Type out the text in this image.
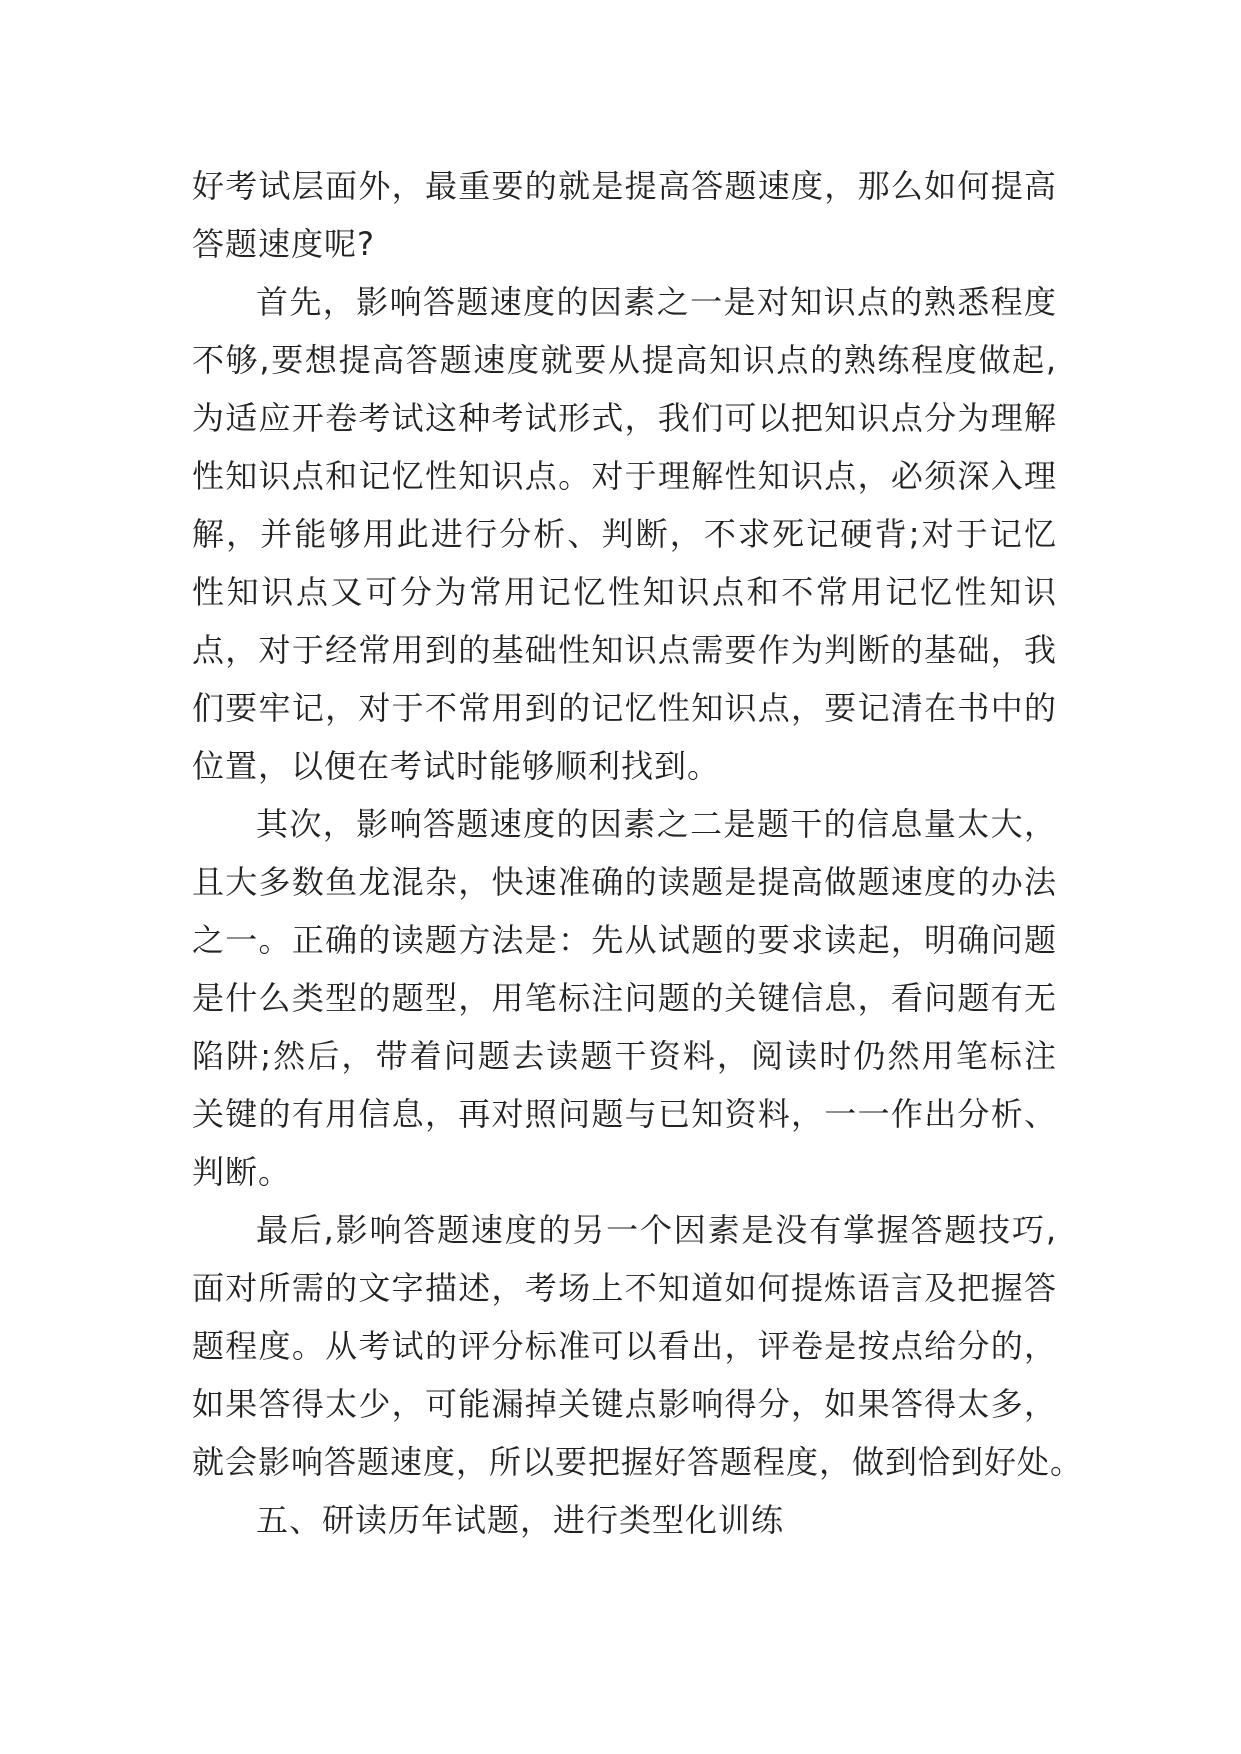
好考试层面外，最重要的就是提高答题速度，那么如何提高
答题速度呢?
首先，影响答题速度的因素之一是对知识点的熟悉程度
不够,要想提高答题速度就要从提高知识点的熟练程度做起,
为适应开卷考试这种考试形式，我们可以把知识点分为理解
性知识点和记忆性知识点。对于理解性知识点，必须深入理
解，并能够用此进行分析、判断，不求死记硬背;对于记忆
性知识点又可分为常用记忆性知识点和不常用记忆性知识
点，对于经常用到的基础性知识点需要作为判断的基础，我
们要牢记，对于不常用到的记忆性知识点，要记清在书中的
位置，以便在考试时能够顺利找到。
其次，影响答题速度的因素之二是题干的信息量太大，
且大多数鱼龙混杂，快速准确的读题是提高做题速度的办法
之一。正确的读题方法是：先从试题的要求读起，明确问题
是什么类型的题型，用笔标注问题的关键信息，看问题有无
陷阱;然后，带着问题去读题干资料，阅读时仍然用笔标注
关键的有用信息，再对照问题与已知资料，一一作出分析、
判断。
最后,影响答题速度的另一个因素是没有掌握答题技巧,
面对所需的文字描述，考场上不知道如何提炼语言及把握答
题程度。从考试的评分标准可以看出，评卷是按点给分的，
如果答得太少，可能漏掉关键点影响得分，如果答得太多，
就会影响答题速度，所以要把握好答题程度，做到恰到好处。
五、研读历年试题，进行类型化训练
